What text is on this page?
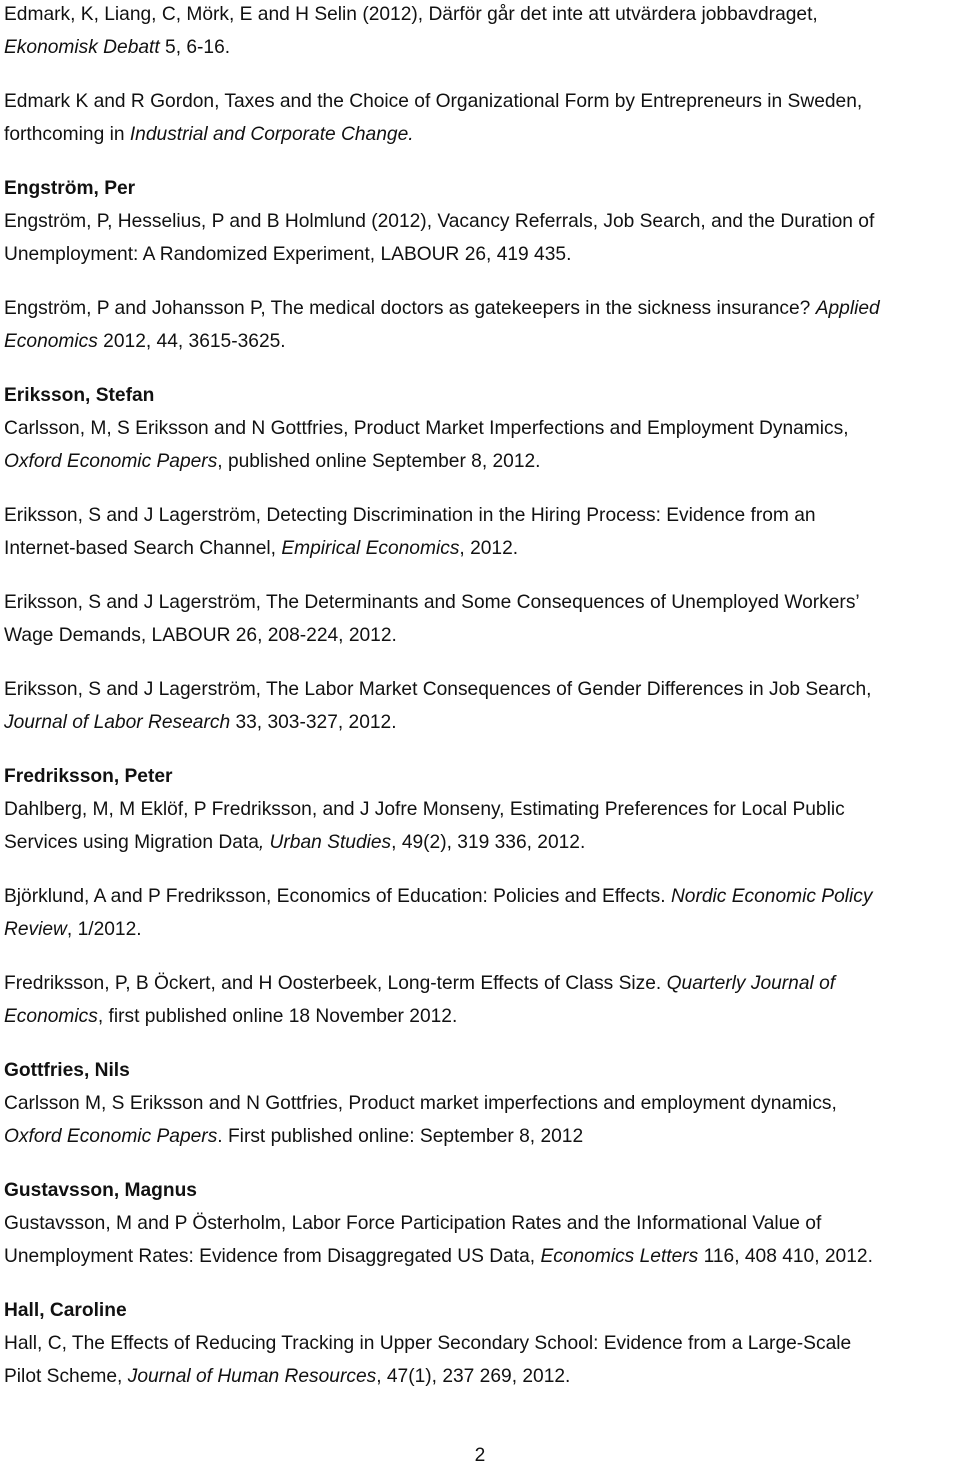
Edmark, K, Liang, C, Mörk, E and H Selin (2012), Därför går det inte att utvärdera jobbavdraget,
Ekonomisk Debatt 5, 6-16.
Edmark K and R Gordon, Taxes and the Choice of Organizational Form by Entrepreneurs in Sweden,
forthcoming in Industrial and Corporate Change.
Engström, Per
Engström, P, Hesselius, P and B Holmlund (2012), Vacancy Referrals, Job Search, and the Duration of
Unemployment: A Randomized Experiment, LABOUR 26, 419 435.
Engström, P and Johansson P, The medical doctors as gatekeepers in the sickness insurance? Applied
Economics 2012, 44, 3615-3625.
Eriksson, Stefan
Carlsson, M, S Eriksson and N Gottfries, Product Market Imperfections and Employment Dynamics,
Oxford Economic Papers, published online September 8, 2012.
Eriksson, S and J Lagerström, Detecting Discrimination in the Hiring Process: Evidence from an
Internet-based Search Channel, Empirical Economics, 2012.
Eriksson, S and J Lagerström, The Determinants and Some Consequences of Unemployed Workers’
Wage Demands, LABOUR 26, 208-224, 2012.
Eriksson, S and J Lagerström, The Labor Market Consequences of Gender Differences in Job Search,
Journal of Labor Research 33, 303-327, 2012.
Fredriksson, Peter
Dahlberg, M, M Eklöf, P Fredriksson, and J Jofre Monseny, Estimating Preferences for Local Public
Services using Migration Data, Urban Studies, 49(2), 319 336, 2012.
Björklund, A and P Fredriksson, Economics of Education: Policies and Effects. Nordic Economic Policy
Review, 1/2012.
Fredriksson, P, B Öckert, and H Oosterbeek, Long-term Effects of Class Size. Quarterly Journal of
Economics, first published online 18 November 2012.
Gottfries, Nils
Carlsson M, S Eriksson and N Gottfries, Product market imperfections and employment dynamics,
Oxford Economic Papers. First published online: September 8, 2012
Gustavsson, Magnus
Gustavsson, M and P Österholm, Labor Force Participation Rates and the Informational Value of
Unemployment Rates: Evidence from Disaggregated US Data, Economics Letters 116, 408 410, 2012.
Hall, Caroline
Hall, C, The Effects of Reducing Tracking in Upper Secondary School: Evidence from a Large-Scale
Pilot Scheme, Journal of Human Resources, 47(1), 237 269, 2012.
2
